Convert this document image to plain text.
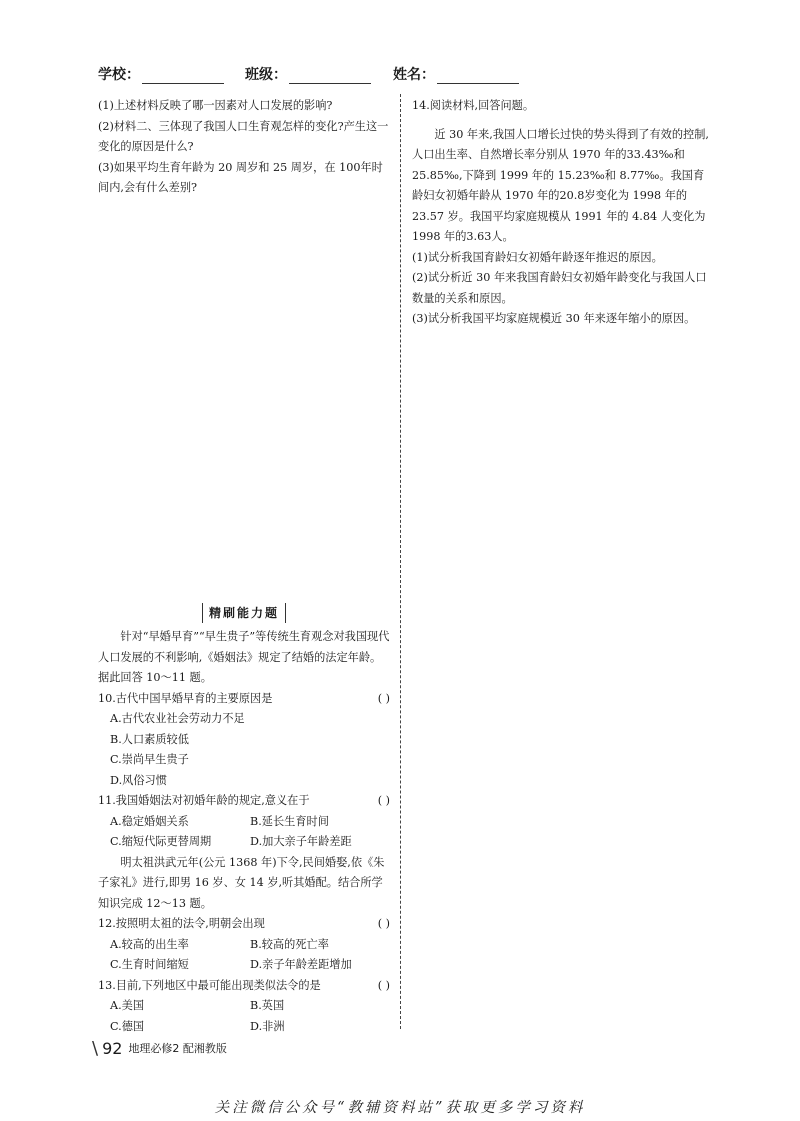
学校：	班级：	姓名：

(1)上述材料反映了哪一因素对人口发展的影响?

(2)材料二、三体现了我国人口生育观怎样的变化?产生这一变化的原因是什么?

(3)如果平均生育年龄为 20 周岁和 25 周岁，在 100年时间内,会有什么差别?

精刷能力题

针对“早婚早育”“早生贵子”等传统生育观念对我国现代人口发展的不利影响,《婚姻法》规定了结婚的法定年龄。据此回答 10～11 题。

10.古代中国早婚早育的主要原因是	( )
A.古代农业社会劳动力不足
B.人口素质较低
C.崇尚早生贵子
D.风俗习惯
11.我国婚姻法对初婚年龄的规定,意义在于	( )
A.稳定婚姻关系	B.延长生育时间
C.缩短代际更替周期	D.加大亲子年龄差距

明太祖洪武元年(公元 1368 年)下令,民间婚娶,依《朱子家礼》进行,即男 16 岁、女 14 岁,听其婚配。结合所学知识完成 12～13 题。

12.按照明太祖的法令,明朝会出现	( )
A.较高的出生率	B.较高的死亡率
C.生育时间缩短	D.亲子年龄差距增加
13.目前,下列地区中最可能出现类似法令的是	( )
A.美国	B.英国
C.德国	D.非洲

14.阅读材料,回答问题。

近 30 年来,我国人口增长过快的势头得到了有效的控制,人口出生率、自然增长率分别从 1970 年的33.43‰和 25.85‰,下降到 1999 年的 15.23‰和 8.77‰。我国育龄妇女初婚年龄从 1970 年的20.8岁变化为 1998 年的 23.57 岁。我国平均家庭规模从 1991 年的 4.84 人变化为 1998 年的3.63人。

(1)试分析我国育龄妇女初婚年龄逐年推迟的原因。

(2)试分析近 30 年来我国育龄妇女初婚年龄变化与我国人口数量的关系和原因。

(3)试分析我国平均家庭规模近 30 年来逐年缩小的原因。

\ 92 地理必修2 配湘教版
关注微信公众号“教辅资料站”获取更多学习资料
